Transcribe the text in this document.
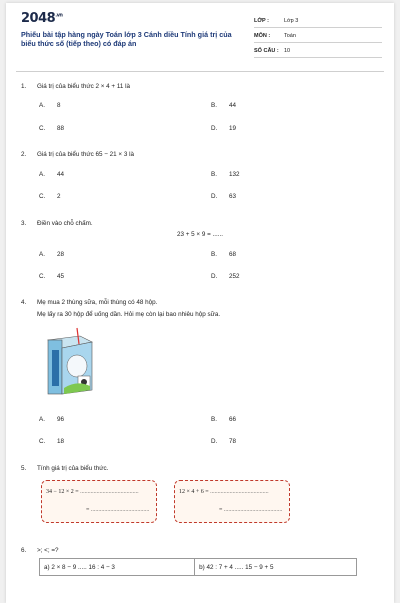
$2048^{.vn}$
Phiếu bài tập hàng ngày Toán lớp 3 Cánh diều Tính giá trị của biểu thức số (tiếp theo) có đáp án
LỚP :	Lớp 3
MÔN :	Toán
SỐ CÂU : 10
1. Giá trị của biểu thức 2 × 4 + 11 là
A. 8	B. 44
C. 88	D. 19
2. Giá trị của biểu thức 65 − 21 × 3 là
A. 44	B. 132
C. 2	D. 63
3. Điền vào chỗ chấm.
23 + 5 × 9 = ......
A. 28	B. 68
C. 45	D. 252
4. Mẹ mua 2 thùng sữa, mỗi thùng có 48 hộp.
Mẹ lấy ra 30 hộp để uống dần. Hỏi mẹ còn lại bao nhiêu hộp sữa.
A. 96	B. 66
C. 18	D. 78
5. Tính giá trị của biểu thức.
34 − 12 × 2 = .......................................
= .......................................
12 × 4 + 6 = .......................................
= .......................................
6. >; <; =?
a) 2 × 8 − 9 ..... 16 : 4 − 3	b) 42 : 7 + 4 ..... 15 − 9 + 5
